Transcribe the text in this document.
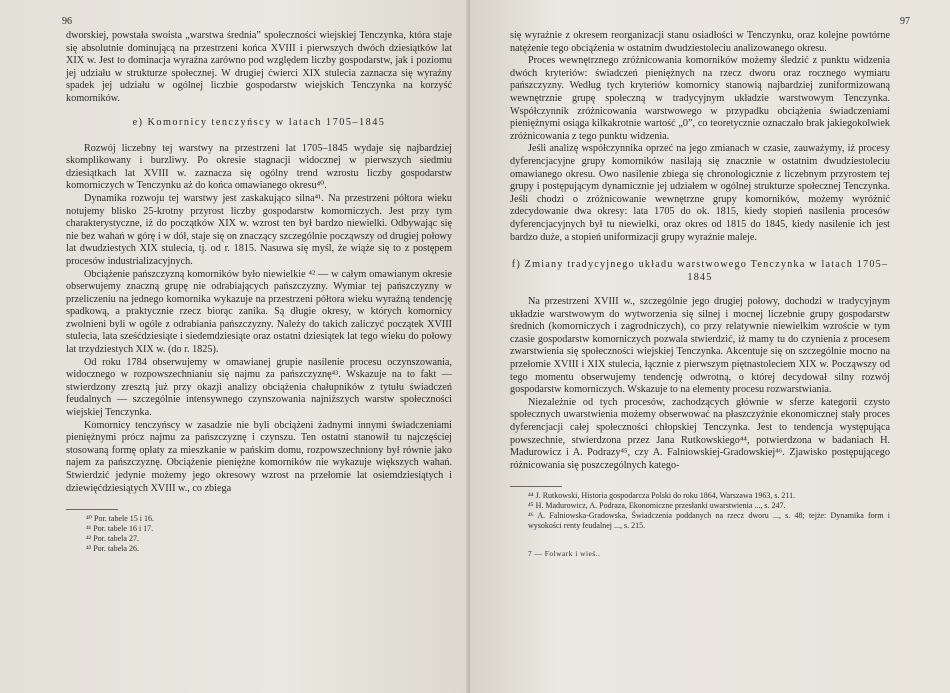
96

dworskiej, powstała swoista „warstwa średnia” społeczności wiejskiej Tenczynka, która staje się absolutnie dominującą na przestrzeni końca XVIII i pierwszych dwóch dziesiątków lat XIX w. Jest to dominacja wyraźna zarówno pod względem liczby gospodarstw, jak i poziomu jej udziału w strukturze społecznej. W drugiej ćwierci XIX stulecia zaznacza się wyraźny spadek jej udziału w ogólnej liczbie gospodarstw wiejskich Tenczynka na korzyść komorników.

e) Komornicy tenczyńscy w latach 1705–1845

Rozwój liczebny tej warstwy na przestrzeni lat 1705–1845 wydaje się najbardziej skomplikowany i burzliwy. Po okresie stagnacji widocznej w pierwszych siedmiu dziesiątkach lat XVIII w. zaznacza się ogólny trend wzrostu liczby gospodarstw komorniczych w Tenczynku aż do końca omawianego okresu⁴⁰.

Dynamika rozwoju tej warstwy jest zaskakująco silna⁴¹. Na przestrzeni półtora wieku notujemy blisko 25-krotny przyrost liczby gospodarstw komorniczych. Jest przy tym charakterystyczne, iż do początków XIX w. wzrost ten był bardzo niewielki. Odbywając się nie bez wahań w górę i w dół, staje się on znaczący szczególnie począwszy od drugiej połowy lat dwudziestych XIX stulecia, tj. od r. 1815. Nasuwa się myśl, że wiąże się to z postępem procesów industrializacyjnych.

Obciążenie pańszczyzną komorników było niewielkie ⁴² — w całym omawianym okresie obserwujemy znaczną grupę nie odrabiających pańszczyzny. Wymiar tej pańszczyzny w przeliczeniu na jednego komornika wykazuje na przestrzeni półtora wieku wyraźną tendencję spadkową, a praktycznie rzecz biorąc zanika. Są długie okresy, w których komornicy zwolnieni byli w ogóle z odrabiania pańszczyzny. Należy do takich zaliczyć początek XVIII stulecia, lata sześćdziesiąte i siedemdziesiąte oraz ostatni dziesiątek lat tego wieku do połowy lat trzydziestych XIX w. (do r. 1825).

Od roku 1784 obserwujemy w omawianej grupie nasilenie procesu oczynszowania, widocznego w rozpowszechnianiu się najmu za pańszczyznę⁴³. Wskazuje na to fakt — stwierdzony zresztą już przy okazji analizy obciążenia chałupników z tytułu świadczeń feudalnych — szczególnie intensywnego czynszowania najniższych warstw społeczności wiejskiej Tenczynka.

Komornicy tenczyńscy w zasadzie nie byli obciążeni żadnymi innymi świadczeniami pieniężnymi prócz najmu za pańszczyznę i czynszu. Ten ostatni stanowił tu najczęściej stosowaną formę opłaty za mieszkanie w pańskim domu, rozpowszechniony był równie jako najem za pańszczyznę. Obciążenie pieniężne komorników nie wykazuje większych wahań. Stwierdzić jedynie możemy jego okresowy wzrost na przełomie lat osiemdziesiątych i dziewięćdziesiątych XVIII w., co zbiega

⁴⁰ Por. tabele 15 i 16.
⁴¹ Por. tabele 16 i 17.
⁴² Por. tabela 27.
⁴³ Por. tabela 26.
97

się wyraźnie z okresem reorganizacji stanu osiadłości w Tenczynku, oraz kolejne powtórne natężenie tego obciążenia w ostatnim dwudziestoleciu analizowanego okresu.

Proces wewnętrznego zróżnicowania komorników możemy śledzić z punktu widzenia dwóch kryteriów: świadczeń pieniężnych na rzecz dworu oraz rocznego wymiaru pańszczyzny. Według tych kryteriów komornicy stanowią najbardziej zuniformizowaną wewnętrznie grupę społeczną w tradycyjnym układzie warstwowym Tenczynka. Współczynnik zróżnicowania warstwowego w przypadku obciążenia świadczeniami pieniężnymi osiąga kilkakrotnie wartość „0”, co teoretycznie oznaczało brak jakiegokolwiek zróżnicowania z tego punktu widzenia.

Jeśli analizę współczynnika oprzeć na jego zmianach w czasie, zauważymy, iż procesy dyferencjacyjne grupy komorników nasilają się znacznie w ostatnim dwudziestoleciu omawianego okresu. Owo nasilenie zbiega się chronologicznie z liczebnym przyrostem tej grupy i postępującym dynamicznie jej udziałem w ogólnej strukturze społecznej Tenczynka. Jeśli chodzi o zróżnicowanie wewnętrzne grupy komorników, możemy wyróżnić zdecydowanie dwa okresy: lata 1705 do ok. 1815, kiedy stopień nasilenia procesów dyferencjacyjnych był tu niewielki, oraz okres od 1815 do 1845, kiedy nasilenie ich jest bardzo duże, a stopień uniformizacji grupy wyraźnie maleje.

f) Zmiany tradycyjnego układu warstwowego Tenczynka w latach 1705–1845

Na przestrzeni XVIII w., szczególnie jego drugiej połowy, dochodzi w tradycyjnym układzie warstwowym do wytworzenia się silnej i mocnej liczebnie grupy gospodarstw średnich (komorniczych i zagrodniczych), co przy relatywnie niewielkim wzroście w tym czasie gospodarstw komorniczych pozwala stwierdzić, iż mamy tu do czynienia z procesem zwarstwienia się społeczności wiejskiej Tenczynka. Akcentuje się on szczególnie mocno na przełomie XVIII i XIX stulecia, łącznie z pierwszym piętnastoleciem XIX w. Począwszy od tego momentu obserwujemy tendencję odwrotną, o której decydował silny rozwój gospodarstw komorniczych. Wskazuje to na elementy procesu rozwarstwiania.

Niezależnie od tych procesów, zachodzących głównie w sferze kategorii czysto społecznych uwarstwienia możemy obserwować na płaszczyźnie ekonomicznej stały proces dyferencjacji całej społeczności chłopskiej Tenczynka. Jest to tendencja występująca powszechnie, stwierdzona przez Jana Rutkowskiego⁴⁴, potwierdzona w badaniach H. Madurowicz i A. Podrazy⁴⁵, czy A. Falniowskiej-Gradowskiej⁴⁶. Zjawisko postępującego różnicowania się poszczególnych katego-

⁴⁴ J. Rutkowski, Historia gospodarcza Polski do roku 1864, Warszawa 1963, s. 211.
⁴⁵ H. Madurowicz, A. Podraza, Ekonomiczne przesłanki uwarstwienia ..., s. 247.
⁴⁶ A. Falniowska-Gradowska, Świadczenia poddanych na rzecz dworu ..., s. 48; tejże: Dynamika form i wysokości renty feudalnej ..., s. 215.
7 — Folwark i wieś..
